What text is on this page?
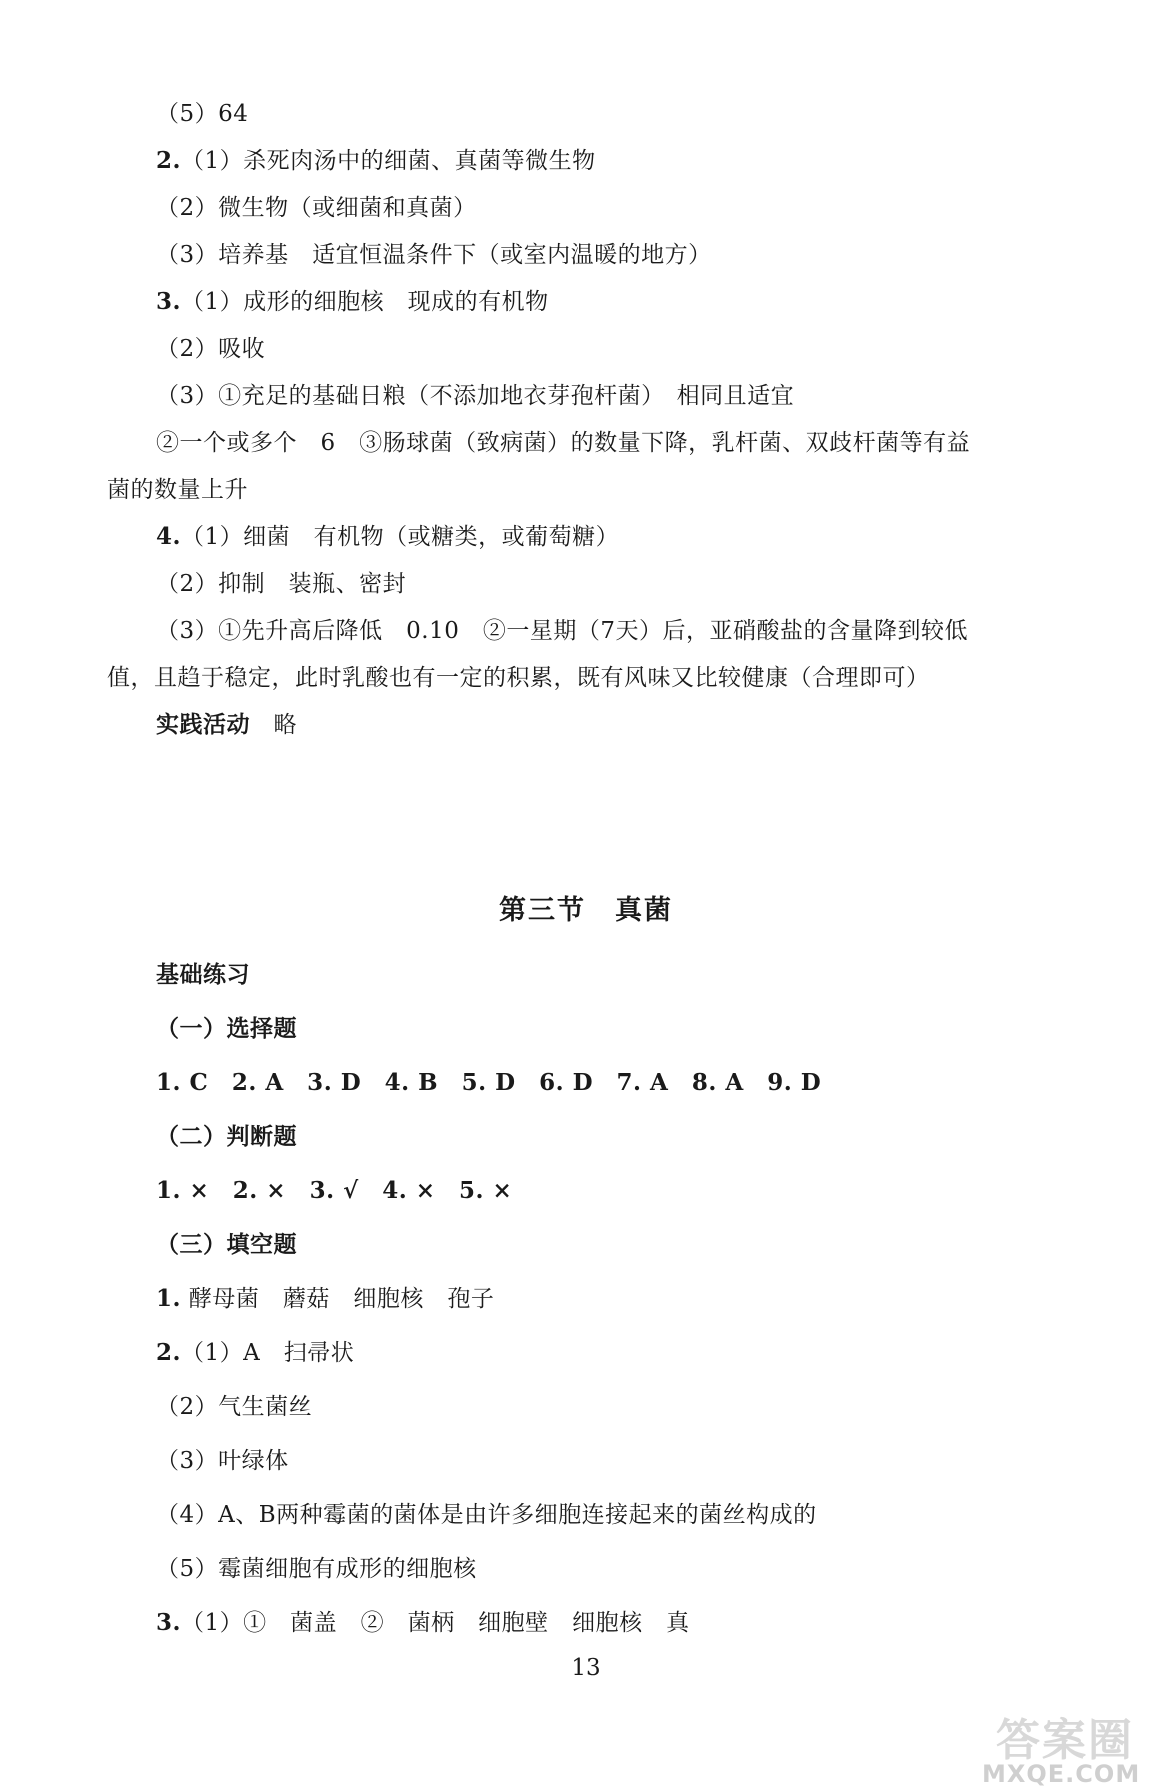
（5）64
2.（1）杀死肉汤中的细菌、真菌等微生物
（2）微生物（或细菌和真菌）
（3）培养基　适宜恒温条件下（或室内温暖的地方）
3.（1）成形的细胞核　现成的有机物
（2）吸收
（3）①充足的基础日粮（不添加地衣芽孢杆菌）　相同且适宜
②一个或多个　6　③肠球菌（致病菌）的数量下降，乳杆菌、双歧杆菌等有益
菌的数量上升
4.（1）细菌　有机物（或糖类，或葡萄糖）
（2）抑制　装瓶、密封
（3）①先升高后降低　0.10　②一星期（7天）后，亚硝酸盐的含量降到较低
值，且趋于稳定，此时乳酸也有一定的积累，既有风味又比较健康（合理即可）
实践活动　略
第三节　真菌
基础练习
（一）选择题
1. C　2. A　3. D　4. B　5. D　6. D　7. A　8. A　9. D
（二）判断题
1. ×　2. ×　3. √　4. ×　5. ×
（三）填空题
1. 酵母菌　蘑菇　细胞核　孢子
2.（1）A　扫帚状
（2）气生菌丝
（3）叶绿体
（4）A、B两种霉菌的菌体是由许多细胞连接起来的菌丝构成的
（5）霉菌细胞有成形的细胞核
3.（1）①　菌盖　②　菌柄　细胞壁　细胞核　真
13
答案圈
MXQE.COM
